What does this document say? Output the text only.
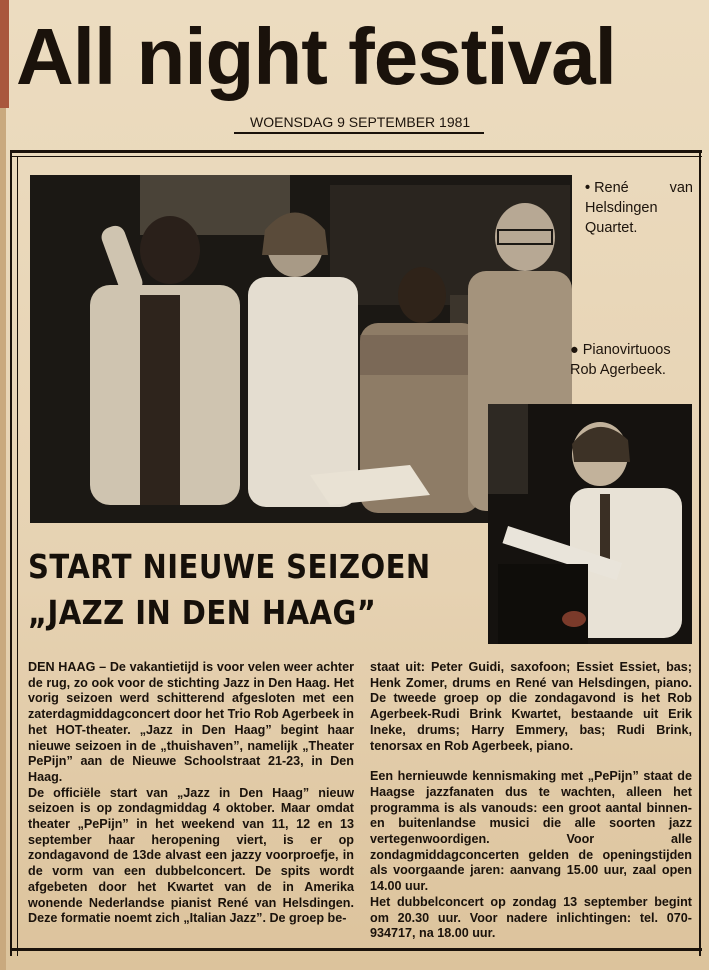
All night festival
WOENSDAG 9 SEPTEMBER 1981
• René van Helsdingen Quartet.
● Pianovirtuoos Rob Agerbeek.
START NIEUWE SEIZOEN
„JAZZ IN DEN HAAG”

DEN HAAG – De vakantietijd is voor velen weer achter de rug, zo ook voor de stichting Jazz in Den Haag. Het vorig seizoen werd schitterend afgesloten met een zaterdagmiddagconcert door het Trio Rob Agerbeek in het HOT-theater. „Jazz in Den Haag” begint haar nieuwe seizoen in de „thuishaven”, namelijk „Theater PePijn” aan de Nieuwe Schoolstraat 21-23, in Den Haag.

De officiële start van „Jazz in Den Haag” nieuw seizoen is op zondagmiddag 4 oktober. Maar omdat theater „PePijn” in het weekend van 11, 12 en 13 september haar heropening viert, is er op zondagavond de 13de alvast een jazzy voorproefje, in de vorm van een dubbelconcert. De spits wordt afgebeten door het Kwartet van de in Amerika wonende Nederlandse pianist René van Helsdingen. Deze formatie noemt zich „Italian Jazz”. De groep be-

staat uit: Peter Guidi, saxofoon; Essiet Essiet, bas; Henk Zomer, drums en René van Helsdingen, piano. De tweede groep op die zondagavond is het Rob Agerbeek-Rudi Brink Kwartet, bestaande uit Erik Ineke, drums; Harry Emmery, bas; Rudi Brink, tenorsax en Rob Agerbeek, piano.

Een hernieuwde kennismaking met „PePijn” staat de Haagse jazzfanaten dus te wachten, alleen het programma is als vanouds: een groot aantal binnen- en buitenlandse musici die alle soorten jazz vertegenwoordigen. Voor alle zondagmiddagconcerten gelden de openingstijden als voorgaande jaren: aanvang 15.00 uur, zaal open 14.00 uur.

Het dubbelconcert op zondag 13 september begint om 20.30 uur. Voor nadere inlichtingen: tel. 070-934717, na 18.00 uur.
